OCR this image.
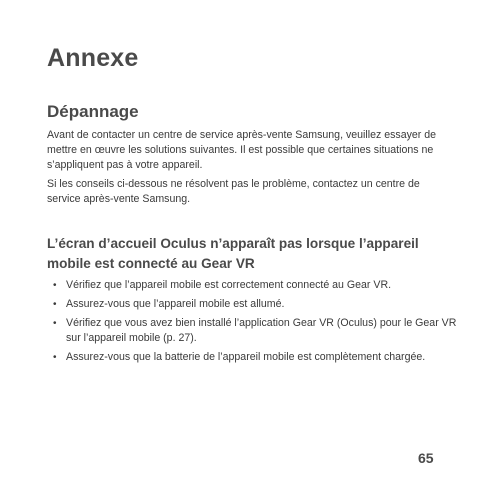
Annexe
Dépannage

Avant de contacter un centre de service après-vente Samsung, veuillez essayer de mettre en œuvre les solutions suivantes. Il est possible que certaines situations ne s’appliquent pas à votre appareil.

Si les conseils ci-dessous ne résolvent pas le problème, contactez un centre de service après-vente Samsung.

L’écran d’accueil Oculus n’apparaît pas lorsque l’appareil mobile est connecté au Gear VR
• Vérifiez que l’appareil mobile est correctement connecté au Gear VR.
• Assurez-vous que l’appareil mobile est allumé.
• Vérifiez que vous avez bien installé l’application Gear VR (Oculus) pour le Gear VR sur l’appareil mobile (p. 27).
• Assurez-vous que la batterie de l’appareil mobile est complètement chargée.
65
